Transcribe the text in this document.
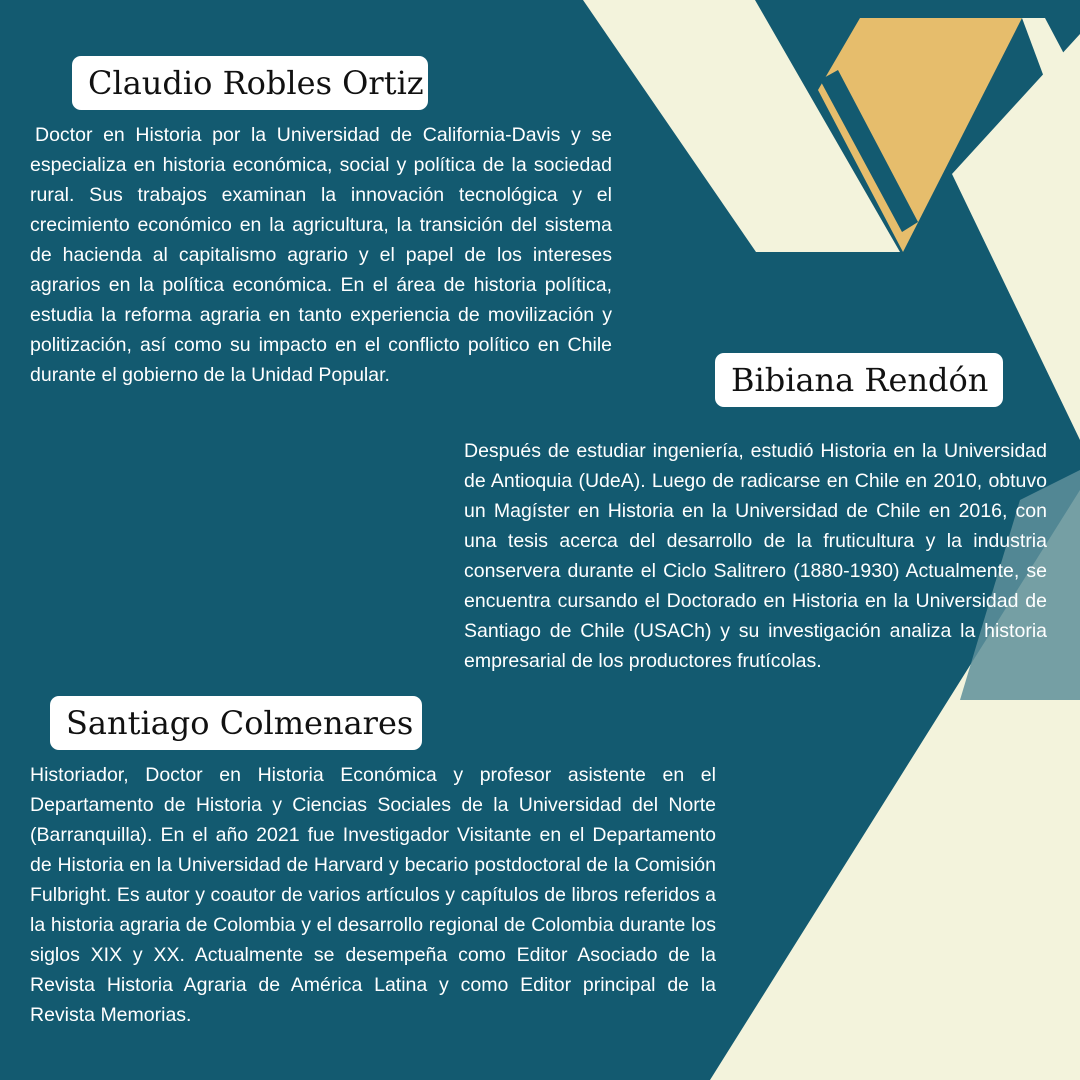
Claudio Robles Ortiz

Doctor en Historia por la Universidad de California-Davis y se especializa en historia económica, social y política de la sociedad rural. Sus trabajos examinan la innovación tecnológica y el crecimiento económico en la agricultura, la transición del sistema de hacienda al capitalismo agrario y el papel de los intereses agrarios en la política económica. En el área de historia política, estudia la reforma agraria en tanto experiencia de movilización y politización, así como su impacto en el conflicto político en Chile durante el gobierno de la Unidad Popular.	Bibiana Rendón

Después de estudiar ingeniería, estudió Historia en la Universidad de Antioquia (UdeA). Luego de radicarse en Chile en 2010, obtuvo un Magíster en Historia en la Universidad de Chile en 2016, con una tesis acerca del desarrollo de la fruticultura y la industria conservera durante el Ciclo Salitrero (1880-1930) Actualmente, se encuentra cursando el Doctorado en Historia en la Universidad de Santiago de Chile (USACh) y su investigación analiza la historia empresarial de los productores frutícolas.

Santiago Colmenares

Historiador, Doctor en Historia Económica y profesor asistente en el Departamento de Historia y Ciencias Sociales de la Universidad del Norte (Barranquilla). En el año 2021 fue Investigador Visitante en el Departamento de Historia en la Universidad de Harvard y becario postdoctoral de la Comisión Fulbright. Es autor y coautor de varios artículos y capítulos de libros referidos a la historia agraria de Colombia y el desarrollo regional de Colombia durante los siglos XIX y XX. Actualmente se desempeña como Editor Asociado de la Revista Historia Agraria de América Latina y como Editor principal de la Revista Memorias.
